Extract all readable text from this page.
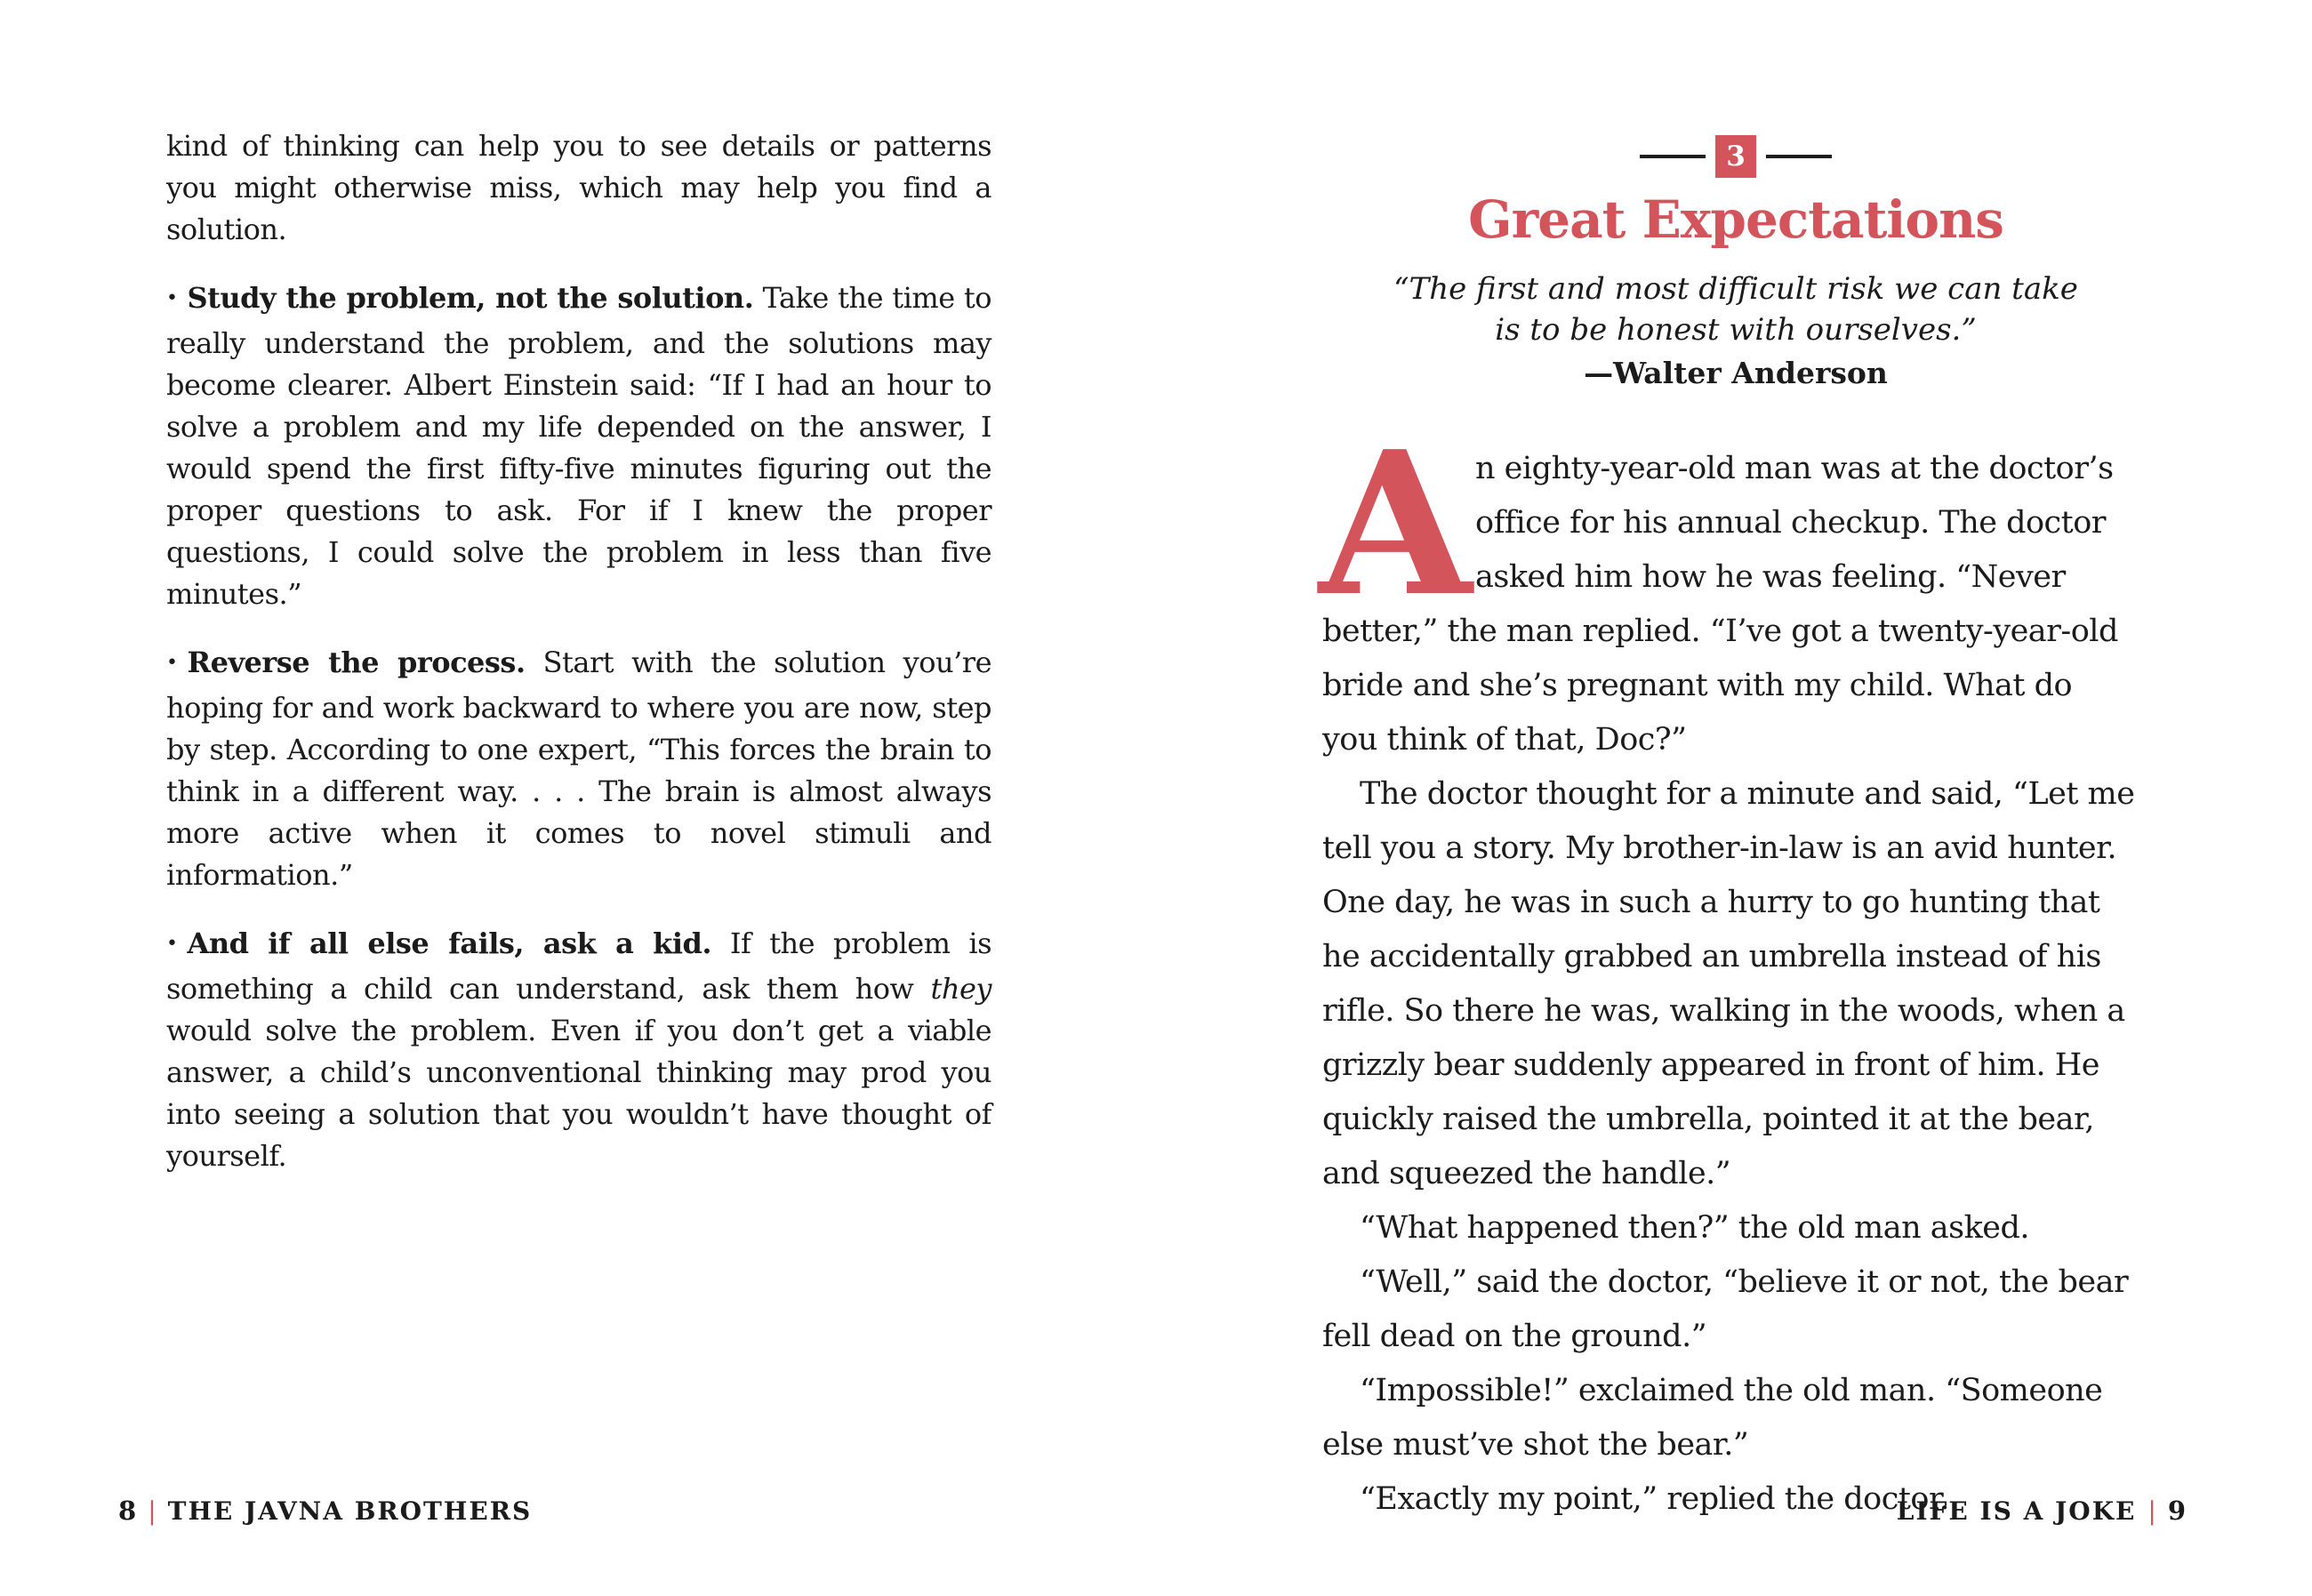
kind of thinking can help you to see details or patterns you might otherwise miss, which may help you find a solution.

• Study the problem, not the solution. Take the time to really understand the problem, and the solutions may become clearer. Albert Einstein said: “If I had an hour to solve a problem and my life depended on the answer, I would spend the first fifty-five minutes figuring out the proper questions to ask. For if I knew the proper questions, I could solve the problem in less than five minutes.”

• Reverse the process. Start with the solution you’re hoping for and work backward to where you are now, step by step. According to one expert, “This forces the brain to think in a different way. . . . The brain is almost always more active when it comes to novel stimuli and information.”

• And if all else fails, ask a kid. If the problem is something a child can understand, ask them how they would solve the problem. Even if you don’t get a viable answer, a child’s unconventional thinking may prod you into seeing a solution that you wouldn’t have thought of yourself.

8 | THE JAVNA BROTHERS
3
Great Expectations
“The first and most difficult risk we can take
is to be honest with ourselves.”
—Walter Anderson
A n eighty-year-old man was at the doctor’s office for his annual checkup. The doctor asked him how he was feeling. “Never better,” the man replied. “I’ve got a twenty-year-old bride and she’s pregnant with my child. What do you think of that, Doc?”

The doctor thought for a minute and said, “Let me tell you a story. My brother-in-law is an avid hunter. One day, he was in such a hurry to go hunting that he accidentally grabbed an umbrella instead of his rifle. So there he was, walking in the woods, when a grizzly bear suddenly appeared in front of him. He quickly raised the umbrella, pointed it at the bear, and squeezed the handle.”

“What happened then?” the old man asked.

“Well,” said the doctor, “believe it or not, the bear fell dead on the ground.”

“Impossible!” exclaimed the old man. “Someone else must’ve shot the bear.”

“Exactly my point,” replied the doctor.

LIFE IS A JOKE | 9
